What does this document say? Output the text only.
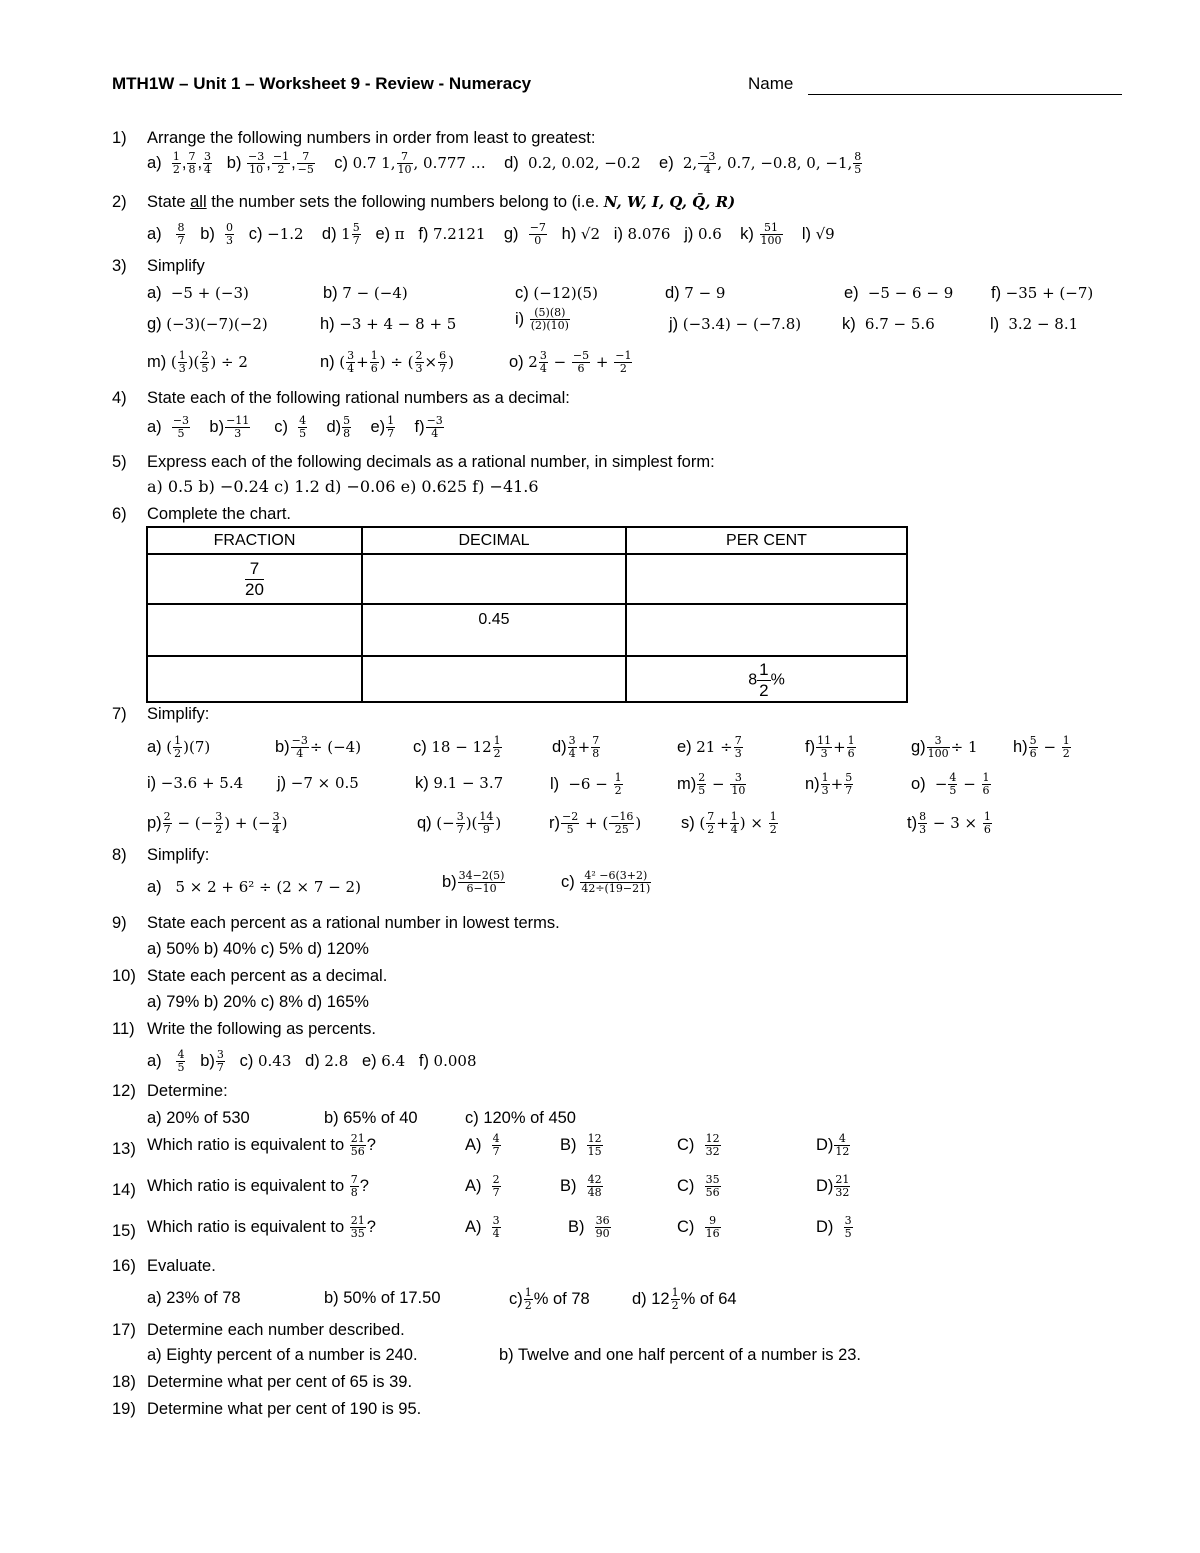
MTH1W – Unit 1 – Worksheet 9 - Review - Numeracy	Name
1) Arrange the following numbers in order from least to greatest:
$a) \frac{1}{2}$ , $\frac{7}{8}$ , $\frac{3}{4} b) \frac{-3}{10}$ , $\frac{-1}{2}$ , $\frac{7}{-5} c$) 0.7 1, $\frac{7}{10}$ , 0.777 …    d)  0.2, 0.02, −0.2    e)  2, $\frac{-3}{4}$ , 0.7, −0.8, 0, −1, $\frac{8}{5}$
2) State all the number sets the following numbers belong to (i.e. N, W, I, Q, Q̄, R)
$a) \frac{8}{7} b) \frac{0}{3} c) -1.2$    d) $1 \frac{5}{7} e$) π   f) 7.2121    $g) \frac{-7}{0} h$) √2   i) 8.076   j) 0.6    $k) \frac{51}{100} l$) √9
3) Simplify
a)  −5 + (−3)	b) 7 − (−4)	c) (−12)(5)	d) 7 − 9	e)  −5 − 6 − 9 f) −35 + (−7)
g) (−3)(−7)(−2)	h) −3 + 4 − 8 + 5	$i) \frac{(5)(8)}{(2)(10)}$	j) (−3.4) − (−7.8) k)  6.7 − 5.6	l)  3.2 − 8.1
m) ( $\frac{1}{3}$ )( $\frac{2}{5}$ ) ÷ 2	n) ( $\frac{3}{4} + \frac{1}{6}$ ) ÷ ( $\frac{2}{3} \times \frac{6}{7}$ )	o) $2 \frac{3}{4} - \frac{-5}{6} + \frac{-1}{2}$
4) State each of the following rational numbers as a decimal:
$a) \frac{-3}{5} b) \frac{-11}{3} c) \frac{4}{5} d) \frac{5}{8} e) \frac{1}{7} f) \frac{-3}{4}$
5) Express each of the following decimals as a rational number, in simplest form:
a) 0.5 b) −0.24 c) 1.2 d) −0.06 e) 0.625 f) −41.6
6) Complete the chart.
FRACTION	DECIMAL	PER CENT

$\frac{7}{20}$		
	0.45	
		$8 \frac{1}{2}\%$
7) Simplify:
a) ( $\frac{1}{2} )(7)$	$b) \frac{-3}{4} \div (-4)$	c) $18 - 12 \frac{1}{2}$	$d) \frac{3}{4} + \frac{7}{8}$	e) $21 \div \frac{7}{3}$	$f) \frac{11}{3} + \frac{1}{6}$	$g) \frac{3}{100} \div 1$ $h) \frac{5}{6} - \frac{1}{2}$
i) −3.6 + 5.4 j) −7 × 0.5	k) 9.1 − 3.7	$l) -6 - \frac{1}{2}$	$m) \frac{2}{5} - \frac{3}{10}$	$n) \frac{1}{3} + \frac{5}{7}$	$o) - \frac{4}{5} - \frac{1}{6}$
$p) \frac{2}{7}$ − (− $\frac{3}{2}$ ) + (− $\frac{3}{4}$ )	q) (− $\frac{3}{7}$ )( $\frac{14}{9}$ )	$r) \frac{-2}{5}$ + ( $\frac{-16}{25}$ ) s) ( $\frac{7}{2} + \frac{1}{4}$ ) × $\frac{1}{2}$	$t) \frac{8}{3} - 3 \times \frac{1}{6}$
8) Simplify:
a)   5 × 2 + 6² ÷ (2 × 7 − 2)	$b) \frac{34-2(5)}{6-10}$	$c) \frac{\text{4² −6(3+2)}}{42\div(19-21)}$
9) State each percent as a rational number in lowest terms.
a) 50% b) 40% c) 5% d) 120%
10) State each percent as a decimal.
a) 79% b) 20% c) 8% d) 165%
11) Write the following as percents.
$a) \frac{4}{5} b) \frac{3}{7} c$) 0.43   d) 2.8   e) 6.4   f) 0.008
12) Determine:
a) 20% of 530	b) 65% of 40	c) 120% of 450
13) Which ratio is equivalent to $\frac{21}{56}$ ?	$A) \frac{4}{7}$	$B) \frac{12}{15}$	$C) \frac{12}{32}$	$D) \frac{4}{12}$
14) Which ratio is equivalent to $\frac{7}{8}$ ?	$A) \frac{2}{7}$	$B) \frac{42}{48}$	$C) \frac{35}{56}$	$D) \frac{21}{32}$
15) Which ratio is equivalent to $\frac{21}{35}$ ?	$A) \frac{3}{4}$	$B) \frac{36}{90}$	$C) \frac{9}{16}$	$D) \frac{3}{5}$
16) Evaluate.
a) 23% of 78	b) 50% of 17.50	$c) \frac{1}{2}$ % of 78	d) $12 \frac{1}{2}$ % of 64
17) Determine each number described.
a) Eighty percent of a number is 240.	b) Twelve and one half percent of a number is 23.
18) Determine what per cent of 65 is 39.
19) Determine what per cent of 190 is 95.
